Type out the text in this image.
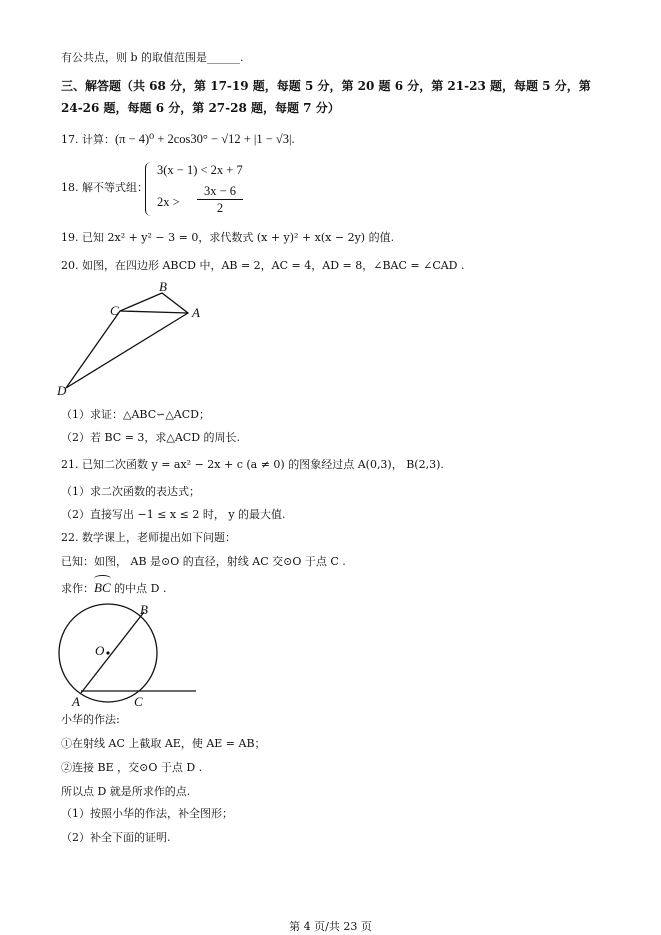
有公共点，则 b 的取值范围是______.
三、解答题（共 68 分，第 17-19 题，每题 5 分，第 20 题 6 分，第 21-23 题，每题 5 分，第
24-26 题，每题 6 分，第 27-28 题，每题 7 分）
17. 计算：(π − 4)⁰ + 2cos30° − √12 + |1 − √3|.
18. 解不等式组：
3(x − 1) < 2x + 7
2x >
3x − 6
2
19. 已知 2x² + y² − 3 = 0，求代数式 (x + y)² + x(x − 2y) 的值.
20. 如图，在四边形 ABCD 中，AB = 2，AC = 4，AD = 8，∠BAC = ∠CAD .
B
C	A
D
（1）求证：△ABC∽△ACD；
（2）若 BC = 3，求△ACD 的周长.
21. 已知二次函数 y = ax² − 2x + c (a ≠ 0) 的图象经过点 A(0,3)， B(2,3).
（1）求二次函数的表达式；
（2）直接写出 −1 ≤ x ≤ 2 时， y 的最大值.
22. 数学课上，老师提出如下问题：
已知：如图， AB 是⊙O 的直径，射线 AC 交⊙O 于点 C .
求作：BC 的中点 D .
B
O
A	C
小华的作法:
①在射线 AC 上截取 AE，使 AE = AB；
②连接 BE ，交⊙O 于点 D .
所以点 D 就是所求作的点.
（1）按照小华的作法，补全图形；
（2）补全下面的证明.
第 4 页/共 23 页
